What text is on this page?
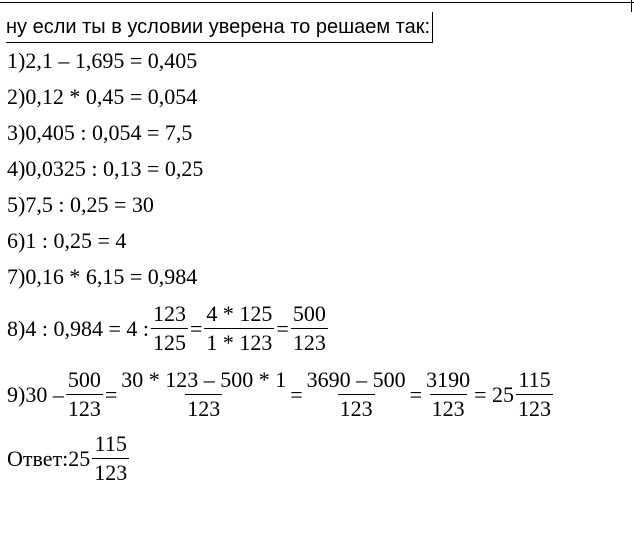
ну если ты в условии уверена то решаем так:
1)2,1 – 1,695 = 0,405
2)0,12 * 0,45 = 0,054
3)0,405 : 0,054 = 7,5
4)0,0325 : 0,13 = 0,25
5)7,5 : 0,25 = 30
6)1 : 0,25 = 4
7)0,16 * 6,15 = 0,984
8)4 : 0,984 = 4 : $\frac{123}{125} = \frac{4 * 125}{1 * 123} = \frac{500}{123}$
$9)30 - \frac{500}{123} = \frac{30 * 123 - 500 * 1}{123} = \frac{3690 - 500}{123} = \frac{3190}{123} = 25 \frac{115}{123}$
Ответ:25 $\frac{115}{123}$
